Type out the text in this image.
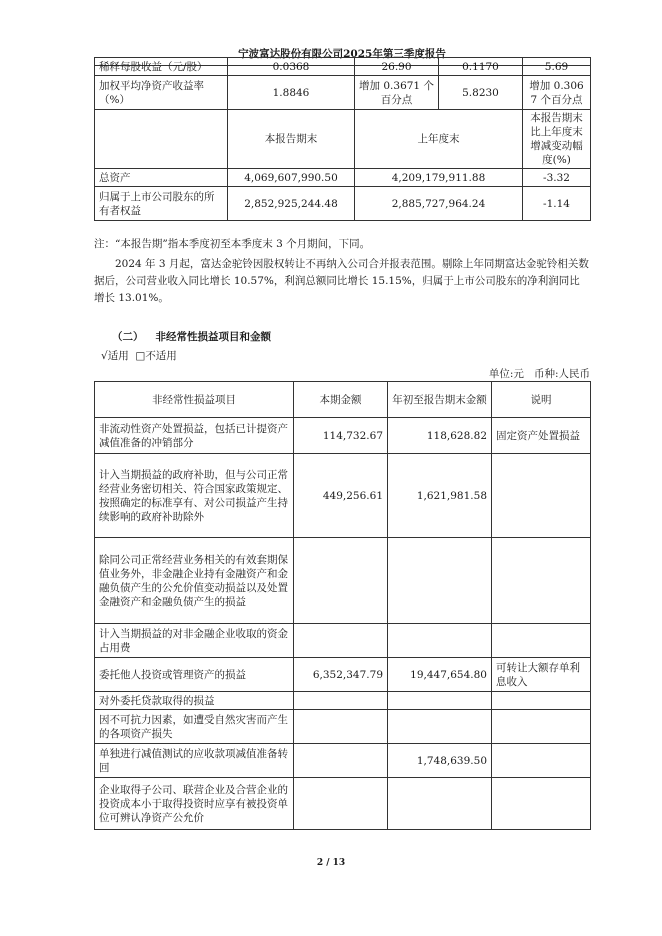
宁波富达股份有限公司2025年第三季度报告
稀释每股收益（元/股）	0.0368	26.90	0.1170	5.69
加权平均净资产收益率（%）	1.8846	增加 0.3671 个百分点	5.8230	增加 0.3067 个百分点
	本报告期末	上年度末		本报告期末比上年度末增减变动幅度(%)
总资产	4,069,607,990.50	4,209,179,911.88		-3.32
归属于上市公司股东的所有者权益	2,852,925,244.48	2,885,727,964.24		-1.14
注：“本报告期”指本季度初至本季度末 3 个月期间，下同。
2024 年 3 月起，富达金驼铃因股权转让不再纳入公司合并报表范围。剔除上年同期富达金驼铃相关数据后，公司营业收入同比增长 10.57%，利润总额同比增长 15.15%，归属于上市公司股东的净利润同比增长 13.01%。
（二） 非经常性损益项目和金额
√适用 □不适用
单位:元 币种:人民币
非经常性损益项目	本期金额	年初至报告期末金额	说明
非流动性资产处置损益，包括已计提资产减值准备的冲销部分	114,732.67	118,628.82	固定资产处置损益
计入当期损益的政府补助，但与公司正常经营业务密切相关、符合国家政策规定、按照确定的标准享有、对公司损益产生持续影响的政府补助除外	449,256.61	1,621,981.58	
除同公司正常经营业务相关的有效套期保值业务外，非金融企业持有金融资产和金融负债产生的公允价值变动损益以及处置金融资产和金融负债产生的损益			
计入当期损益的对非金融企业收取的资金占用费			
委托他人投资或管理资产的损益	6,352,347.79	19,447,654.80	可转让大额存单利息收入
对外委托贷款取得的损益			
因不可抗力因素，如遭受自然灾害而产生的各项资产损失			
单独进行减值测试的应收款项减值准备转回		1,748,639.50	
企业取得子公司、联营企业及合营企业的投资成本小于取得投资时应享有被投资单位可辨认净资产公允价			
2 / 13
